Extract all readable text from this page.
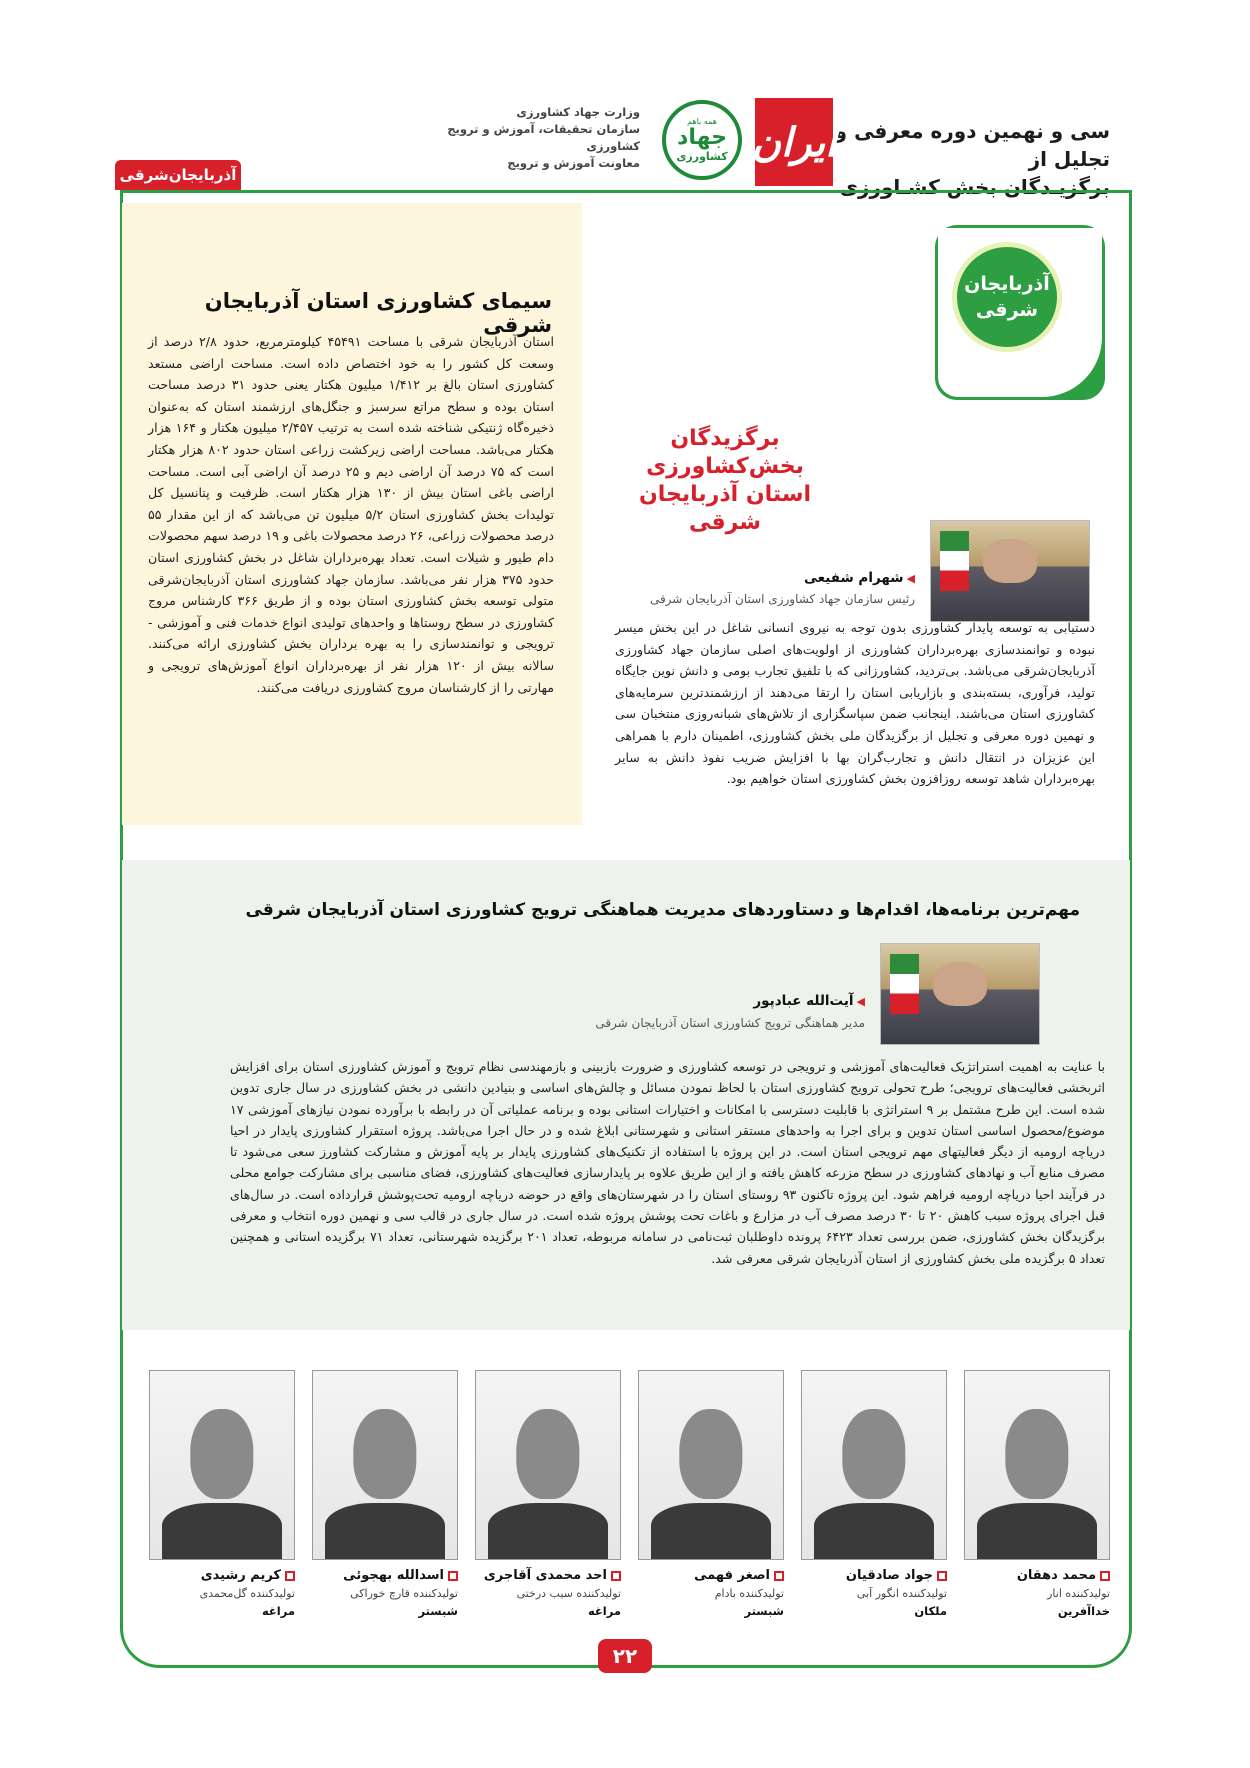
سی و نهمین دوره معرفی و تجلیل از
برگزیـدگان بخش کشـاورزی
ایران
همه باهم
جهاد
کشاورزی
وزارت جهاد کشاورزی
سازمان تحقیقات، آموزش و ترویج کشاورزی
معاونت آموزش و ترویج
آذربایجان‌شرقی
سیمای کشاورزی استان آذربایجان شرقی

استان آذربایجان شرقی با مساحت ۴۵۴۹۱ کیلومترمربع، حدود ۲/۸ درصد از وسعت کل کشور را به خود اختصاص داده است. مساحت اراضی مستعد کشاورزی استان بالغ بر ۱/۴۱۲ میلیون هکتار یعنی حدود ۳۱ درصد مساحت استان بوده و سطح مراتع سرسبز و جنگل‌های ارزشمند استان که به‌عنوان ذخیره‌گاه ژنتیکی شناخته شده است به ترتیب ۲/۴۵۷ میلیون هکتار و ۱۶۴ هزار هکتار می‌باشد. مساحت اراضی زیرکشت زراعی استان حدود ۸۰۲ هزار هکتار است که ۷۵ درصد آن اراضی دیم و ۲۵ درصد آن اراضی آبی است. مساحت اراضی باغی استان بیش از ۱۳۰ هزار هکتار است. ظرفیت و پتانسیل کل تولیدات بخش کشاورزی استان ۵/۲ میلیون تن می‌باشد که از این مقدار ۵۵ درصد محصولات زراعی، ۲۶ درصد محصولات باغی و ۱۹ درصد سهم محصولات دام طیور و شیلات است. تعداد بهره‌برداران شاغل در بخش کشاورزی استان حدود ۳۷۵ هزار نفر می‌باشد. سازمان جهاد کشاورزی استان آذربایجان‌شرقی متولی توسعه بخش کشاورزی استان بوده و از طریق ۳۶۶ کارشناس مروج کشاورزی در سطح روستاها و واحدهای تولیدی انواع خدمات فنی و آموزشی - ترویجی و توانمندسازی را به بهره برداران بخش کشاورزی ارائه می‌کنند. سالانه بیش از ۱۲۰ هزار نفر از بهره‌برداران انواع آموزش‌های ترویجی و مهارتی را از کارشناسان مروج کشاورزی دریافت می‌کنند.

آذربایجان
شرقی
برگزیدگان
بخش‌کشاورزی
استان آذربایجان شرقی
◀شهرام شفیعی
رئیس سازمان جهاد کشاورزی استان آذربایجان شرقی

دستیابی به توسعه پایدار کشاورزی بدون توجه به نیروی انسانی شاغل در این بخش میسر نبوده و توانمندسازی بهره‌برداران کشاورزی از اولویت‌های اصلی سازمان جهاد کشاورزی آذربایجان‌شرقی می‌باشد. بی‌تردید، کشاورزانی که با تلفیق تجارب بومی و دانش نوین جایگاه تولید، فرآوری، بسته‌بندی و بازاریابی استان را ارتقا می‌دهند از ارزشمندترین سرمایه‌های کشاورزی استان می‌باشند. اینجانب ضمن سپاسگزاری از تلاش‌های شبانه‌روزی منتخبان سی و نهمین دوره معرفی و تجلیل از برگزیدگان ملی بخش کشاورزی، اطمینان دارم با همراهی این عزیزان در انتقال دانش و تجارب‌گران بها با افزایش ضریب نفوذ دانش به سایر بهره‌برداران شاهد توسعه روزافزون بخش کشاورزی استان خواهیم بود.

مهم‌ترین برنامه‌ها، اقدام‌ها و دستاوردهای مدیریت هماهنگی ترویج کشاورزی استان آذربایجان شرقی
◀آیت‌الله عبادپور
مدیر هماهنگی ترویج کشاورزی استان آذربایجان شرقی

با عنایت به اهمیت استراتژیک فعالیت‌های آموزشی و ترویجی در توسعه کشاورزی و ضرورت بازبینی و بازمهندسی نظام ترویج و آموزش کشاورزی استان برای افزایش اثربخشی فعالیت‌های ترویجی؛ طرح تحولی ترویج کشاورزی استان با لحاظ نمودن مسائل و چالش‌های اساسی و بنیادین دانشی در بخش کشاورزی در سال جاری تدوین شده است. این طرح مشتمل بر ۹ استراتژی با قابلیت دسترسی با امکانات و اختیارات استانی بوده و برنامه عملیاتی آن در رابطه با برآورده نمودن نیازهای آموزشی ۱۷ موضوع/محصول اساسی استان تدوین و برای اجرا به واحدهای مستقر استانی و شهرستانی ابلاغ شده و در حال اجرا می‌باشد. پروژه استقرار کشاورزی پایدار در احیا دریاچه ارومیه از دیگر فعالیتهای مهم ترویجی استان است. در این پروژه با استفاده از تکنیک‌های کشاورزی پایدار بر پایه آموزش و مشارکت کشاورز سعی می‌شود تا مصرف منابع آب و نهادهای کشاورزی در سطح مزرعه کاهش یافته و از این طریق علاوه بر پایدارسازی فعالیت‌های کشاورزی، فضای مناسبی برای مشارکت جوامع محلی در فرآیند احیا دریاچه ارومیه فراهم شود. این پروژه تاکنون ۹۳ روستای استان را در شهرستان‌های واقع در حوضه دریاچه ارومیه تحت‌پوشش قرارداده است. در سال‌های قبل اجرای پروژه سبب کاهش ۲۰ تا ۳۰ درصد مصرف آب در مزارع و باغات تحت پوشش پروژه شده است. در سال جاری در قالب سی و نهمین دوره انتخاب و معرفی برگزیدگان بخش کشاورزی، ضمن بررسی تعداد ۶۴۲۳ پرونده داوطلبان ثبت‌نامی در سامانه مربوطه، تعداد ۲۰۱ برگزیده شهرستانی، تعداد ۷۱ برگزیده استانی و همچنین تعداد ۵ برگزیده ملی بخش کشاورزی از استان آذربایجان شرقی معرفی شد.

محمد دهقان
تولیدکننده انار
خداآفرین
جواد صادقیان
تولیدکننده انگور آبی
ملکان
اصغر فهمی
تولیدکننده بادام
شبستر
احد محمدی آقاجری
تولیدکننده سیب درختی
مراغه
اسدالله بهجوئی
تولیدکننده قارچ خوراکی
شبستر
کریم رشیدی
تولیدکننده گل‌محمدی
مراغه
۲۲
